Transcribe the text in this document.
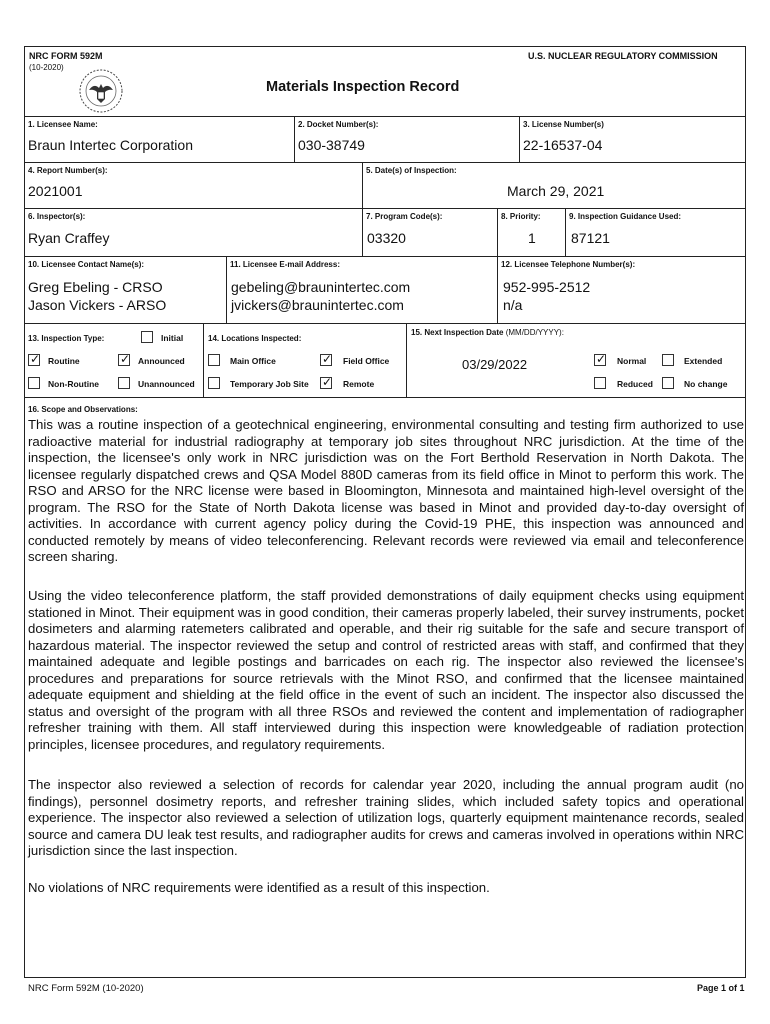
NRC FORM 592M
(10-2020)
U.S. NUCLEAR REGULATORY COMMISSION
Materials Inspection Record
1. Licensee Name:
Braun Intertec Corporation
2. Docket Number(s):
030-38749
3. License Number(s)
22-16537-04
4. Report Number(s):
2021001
5. Date(s) of Inspection:
March 29, 2021
6. Inspector(s):
Ryan Craffey
7. Program Code(s):
03320
8. Priority:
1
9. Inspection Guidance Used:
87121
10. Licensee Contact Name(s):
Greg Ebeling - CRSO
Jason Vickers - ARSO
11. Licensee E-mail Address:
gebeling@braunintertec.com
jvickers@braunintertec.com
12. Licensee Telephone Number(s):
952-995-2512
n/a
13. Inspection Type:	Initial
✓ Routine	✓ Announced
Non-Routine	Unannounced
14. Locations Inspected:
Main Office	✓ Field Office
Temporary Job Site ✓ Remote
15. Next Inspection Date (MM/DD/YYYY):
03/29/2022	✓ Normal	Extended
Reduced	No change
16. Scope and Observations:
This was a routine inspection of a geotechnical engineering, environmental consulting and testing firm authorized to use radioactive material for industrial radiography at temporary job sites throughout NRC jurisdiction. At the time of the inspection, the licensee's only work in NRC jurisdiction was on the Fort Berthold Reservation in North Dakota. The licensee regularly dispatched crews and QSA Model 880D cameras from its field office in Minot to perform this work. The RSO and ARSO for the NRC license were based in Bloomington, Minnesota and maintained high-level oversight of the program. The RSO for the State of North Dakota license was based in Minot and provided day-to-day oversight of activities. In accordance with current agency policy during the Covid-19 PHE, this inspection was announced and conducted remotely by means of video teleconferencing. Relevant records were reviewed via email and teleconference screen sharing.
Using the video teleconference platform, the staff provided demonstrations of daily equipment checks using equipment stationed in Minot. Their equipment was in good condition, their cameras properly labeled, their survey instruments, pocket dosimeters and alarming ratemeters calibrated and operable, and their rig suitable for the safe and secure transport of hazardous material. The inspector reviewed the setup and control of restricted areas with staff, and confirmed that they maintained adequate and legible postings and barricades on each rig. The inspector also reviewed the licensee's procedures and preparations for source retrievals with the Minot RSO, and confirmed that the licensee maintained adequate equipment and shielding at the field office in the event of such an incident. The inspector also discussed the status and oversight of the program with all three RSOs and reviewed the content and implementation of radiographer refresher training with them. All staff interviewed during this inspection were knowledgeable of radiation protection principles, licensee procedures, and regulatory requirements.
The inspector also reviewed a selection of records for calendar year 2020, including the annual program audit (no findings), personnel dosimetry reports, and refresher training slides, which included safety topics and operational experience. The inspector also reviewed a selection of utilization logs, quarterly equipment maintenance records, sealed source and camera DU leak test results, and radiographer audits for crews and cameras involved in operations within NRC jurisdiction since the last inspection.
No violations of NRC requirements were identified as a result of this inspection.
NRC Form 592M (10-2020)	Page 1 of 1
